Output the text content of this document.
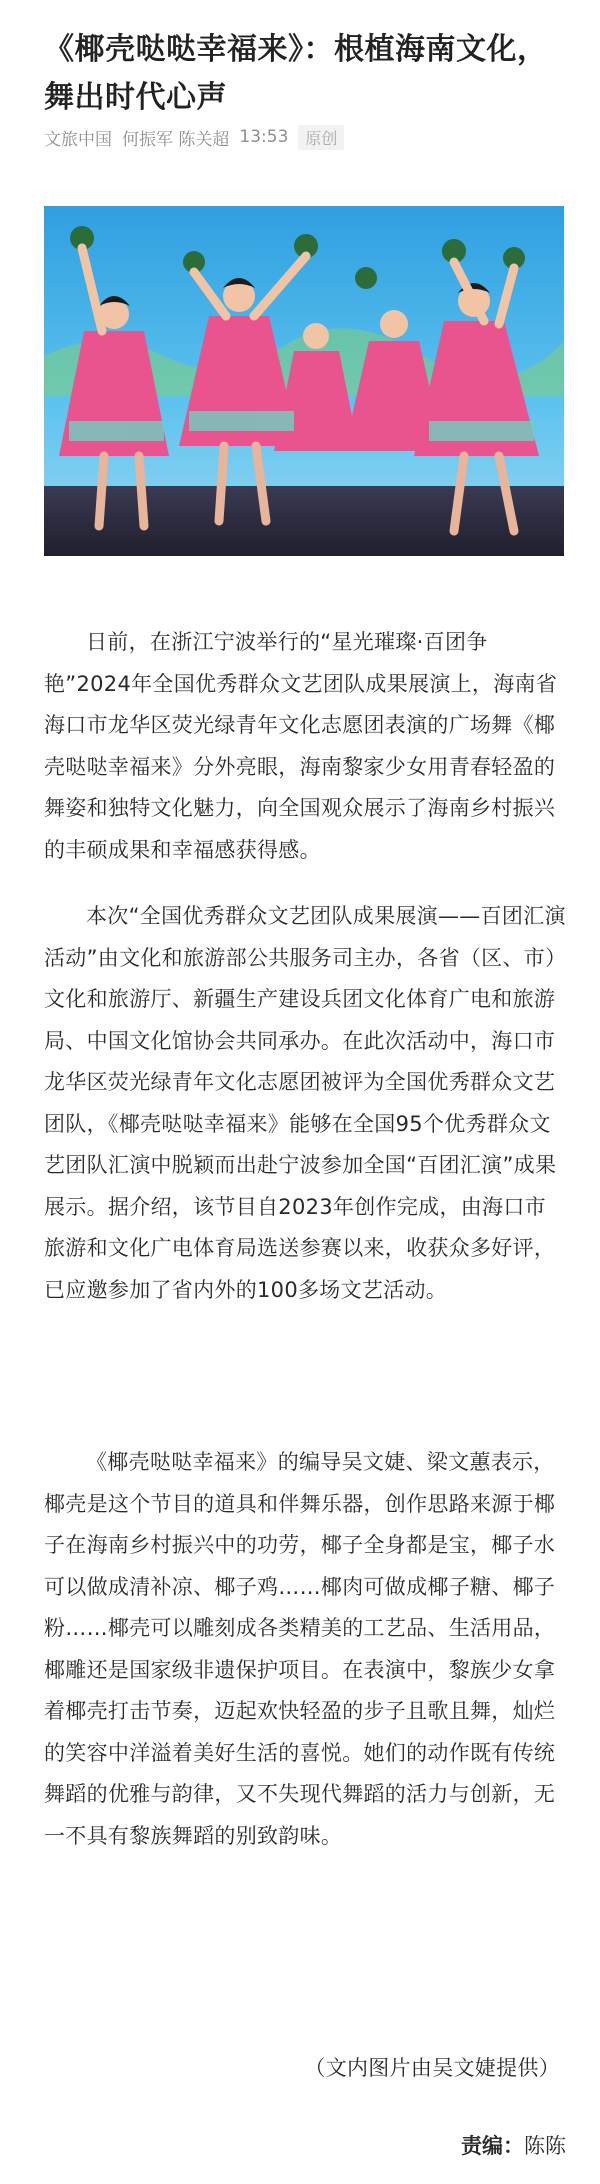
《椰壳哒哒幸福来》：根植海南文化，舞出时代心声
文旅中国 何振军 陈关超 13:53	原创

日前，在浙江宁波举行的“星光璀璨·百团争艳”2024年全国优秀群众文艺团队成果展演上，海南省海口市龙华区荧光绿青年文化志愿团表演的广场舞《椰壳哒哒幸福来》分外亮眼，海南黎家少女用青春轻盈的舞姿和独特文化魅力，向全国观众展示了海南乡村振兴的丰硕成果和幸福感获得感。

本次“全国优秀群众文艺团队成果展演——百团汇演活动”由文化和旅游部公共服务司主办，各省（区、市）文化和旅游厅、新疆生产建设兵团文化体育广电和旅游局、中国文化馆协会共同承办。在此次活动中，海口市龙华区荧光绿青年文化志愿团被评为全国优秀群众文艺团队，《椰壳哒哒幸福来》能够在全国95个优秀群众文艺团队汇演中脱颖而出赴宁波参加全国“百团汇演”成果展示。据介绍，该节目自2023年创作完成，由海口市旅游和文化广电体育局选送参赛以来，收获众多好评，已应邀参加了省内外的100多场文艺活动。

《椰壳哒哒幸福来》的编导吴文婕、梁文蕙表示，椰壳是这个节目的道具和伴舞乐器，创作思路来源于椰子在海南乡村振兴中的功劳，椰子全身都是宝，椰子水可以做成清补凉、椰子鸡……椰肉可做成椰子糖、椰子粉……椰壳可以雕刻成各类精美的工艺品、生活用品，椰雕还是国家级非遗保护项目。在表演中，黎族少女拿着椰壳打击节奏，迈起欢快轻盈的步子且歌且舞，灿烂的笑容中洋溢着美好生活的喜悦。她们的动作既有传统舞蹈的优雅与韵律，又不失现代舞蹈的活力与创新，无一不具有黎族舞蹈的别致韵味。

（文内图片由吴文婕提供）
责编：陈陈
